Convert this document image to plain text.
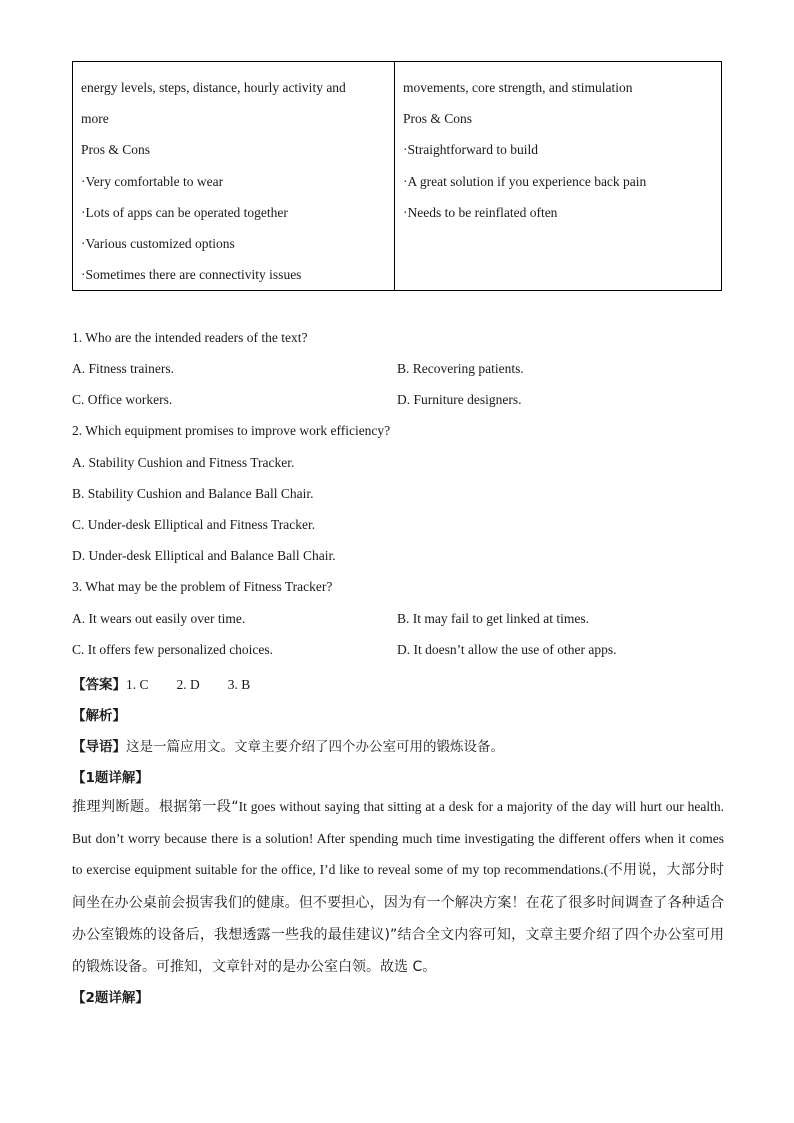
energy levels, steps, distance, hourly activity and
more
Pros & Cons
·Very comfortable to wear
·Lots of apps can be operated together
·Various customized options
·Sometimes there are connectivity issues

movements, core strength, and stimulation
Pros & Cons
·Straightforward to build
·A great solution if you experience back pain
·Needs to be reinflated often
1. Who are the intended readers of the text?
A. Fitness trainers.	B. Recovering patients.
C. Office workers.	D. Furniture designers.
2. Which equipment promises to improve work efficiency?
A. Stability Cushion and Fitness Tracker.
B. Stability Cushion and Balance Ball Chair.
C. Under-desk Elliptical and Fitness Tracker.
D. Under-desk Elliptical and Balance Ball Chair.
3. What may be the problem of Fitness Tracker?
A. It wears out easily over time.	B. It may fail to get linked at times.
C. It offers few personalized choices.	D. It doesn’t allow the use of other apps.
【答案】1. C 2. D 3. B
【解析】
【导语】这是一篇应用文。文章主要介绍了四个办公室可用的锻炼设备。
【1题详解】
推理判断题。根据第一段“It goes without saying that sitting at a desk for a majority of the day will hurt our health. But don’t worry because there is a solution! After spending much time investigating the different offers when it comes to exercise equipment suitable for the office, I’d like to reveal some of my top recommendations.(不用说，大部分时间坐在办公桌前会损害我们的健康。但不要担心，因为有一个解决方案！在花了很多时间调查了各种适合办公室锻炼的设备后，我想透露一些我的最佳建议)”结合全文内容可知，文章主要介绍了四个办公室可用的锻炼设备。可推知，文章针对的是办公室白领。故选 C。
【2题详解】
